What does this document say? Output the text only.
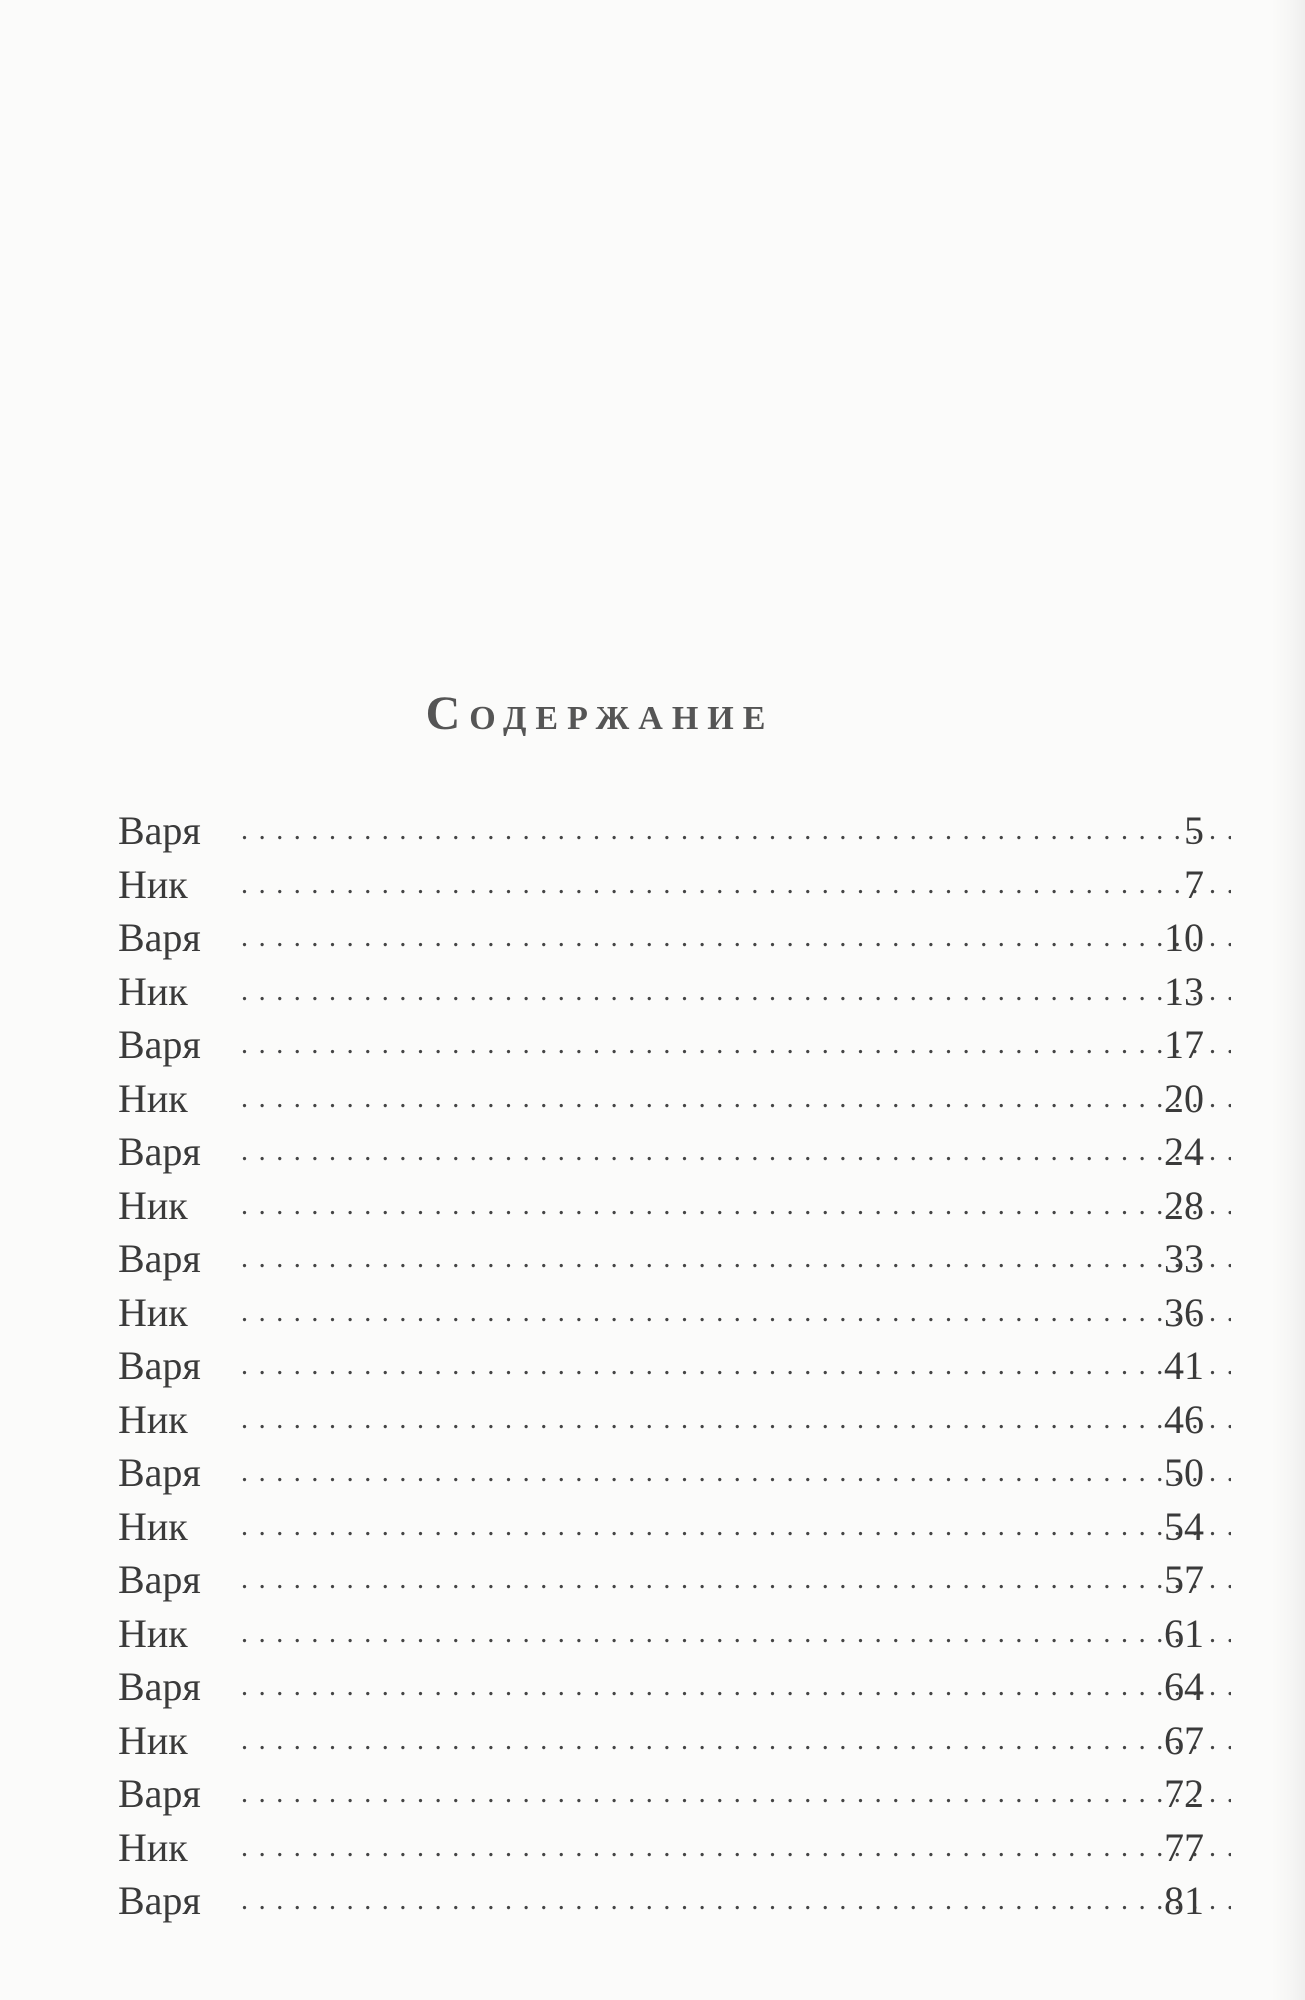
Содержание
Варя .....	5
Ник .....	7
Варя .....	10
Ник .....	13
Варя .....	17
Ник .....	20
Варя .....	24
Ник .....	28
Варя .....	33
Ник .....	36
Варя .....	41
Ник .....	46
Варя .....	50
Ник .....	54
Варя .....	57
Ник .....	61
Варя .....	64
Ник .....	67
Варя .....	72
Ник .....	77
Варя .....	81
